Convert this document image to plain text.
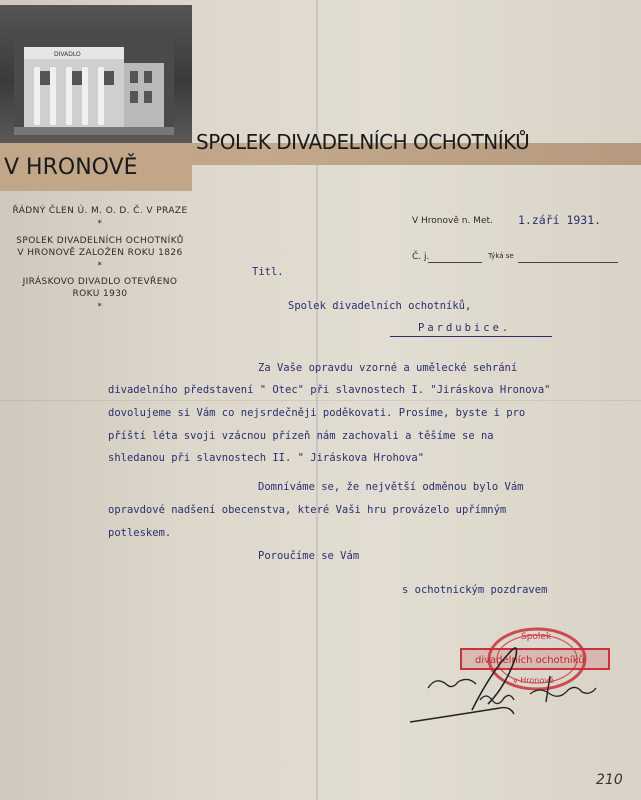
DIVADLO
SPOLEK DIVADELNÍCH OCHOTNÍKŮ
V HRONOVĚ
ŘÁDNÝ ČLEN Ú. M. O. D. Č. V PRAZE
*
SPOLEK DIVADELNÍCH OCHOTNÍKŮ
V HRONOVĚ ZALOŽEN ROKU 1826
*
JIRÁSKOVO DIVADLO OTEVŘENO
ROKU 1930
*
V Hronově n. Met. 1.září 1931.
Č. j.	Týká se
Titl.
Spolek divadelních ochotníků,
Pardubice.
Za Vaše opravdu vzorné a umělecké sehrání
divadelního představení " Otec" při slavnostech I. "Jiráskova Hronova"
dovolujeme si Vám co nejsrdečněji poděkovati. Prosíme, byste i pro
příští léta svoji vzácnou přízeň nám zachovali a těšíme se na
shledanou při slavnostech II. " Jiráskova Hrohova"
Domníváme se, že největší odměnou bylo Vám
opravdové nadšení obecenstva, které Vaši hru provázelo upřímným
potleskem.
Poroučíme se Vám
s ochotnickým pozdravem
Spolek
divadelních ochotníků
v Hronově
210
